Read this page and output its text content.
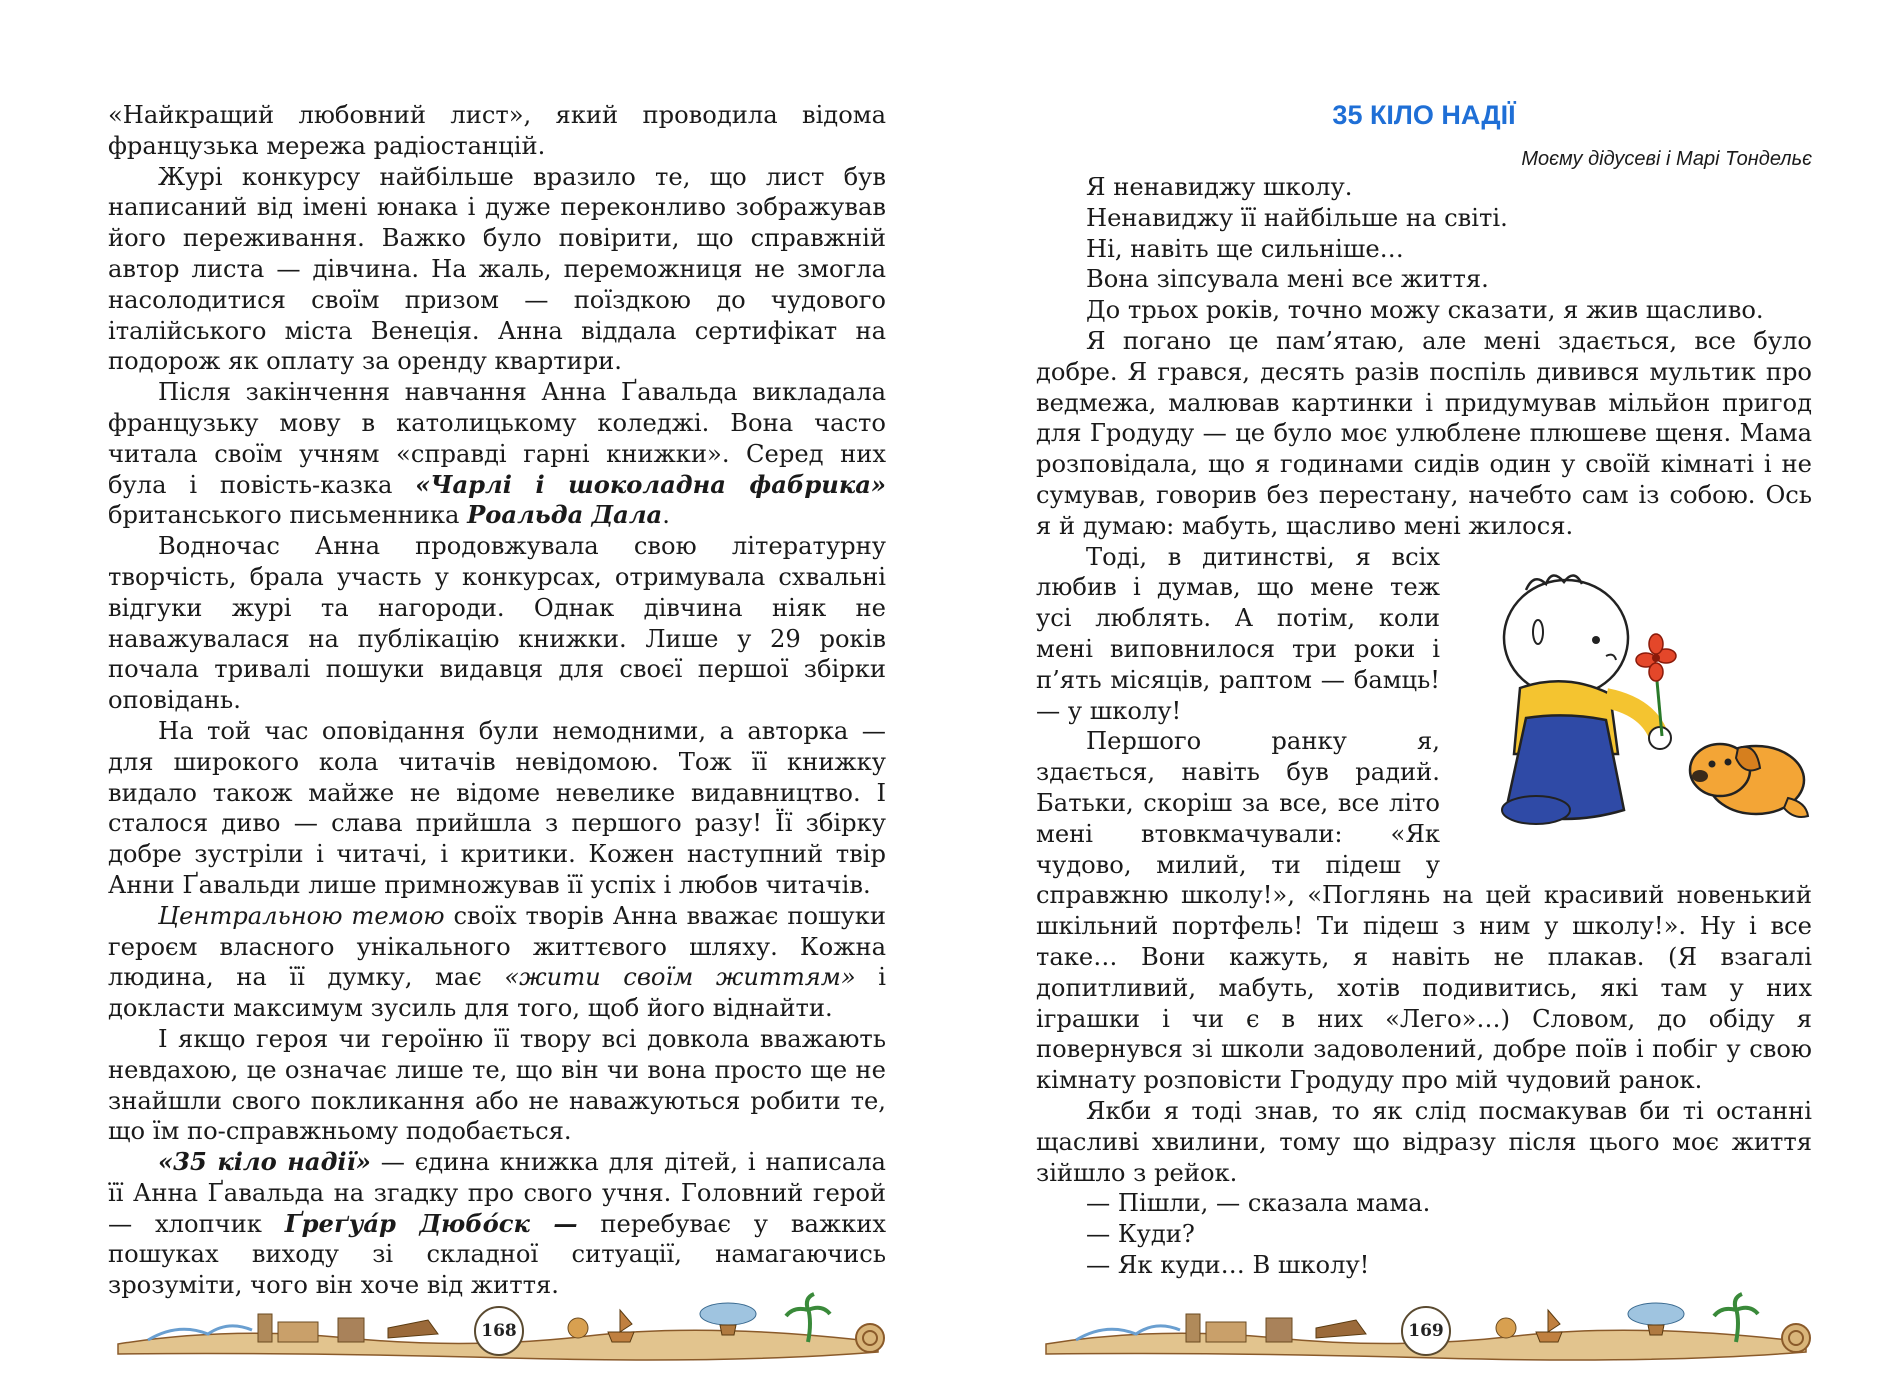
«Найкращий любовний лист», який проводила відома французька мережа радіостанцій.

Журі конкурсу найбільше вразило те, що лист був написаний від імені юнака і дуже переконливо зображував його переживання. Важко було повірити, що справжній автор листа — дівчина. На жаль, переможниця не змогла насолодитися своїм призом — поїздкою до чудового італійського міста Венеція. Анна віддала сертифікат на подорож як оплату за оренду квартири.

Після закінчення навчання Анна Ґавальда викладала французьку мову в католицькому коледжі. Вона часто читала своїм учням «справді гарні книжки». Серед них була і повість-казка «Чарлі і шоколадна фабрика» британського письменника Роальда Дала.

Водночас Анна продовжувала свою літературну творчість, брала участь у конкурсах, отримувала схвальні відгуки журі та нагороди. Однак дівчина ніяк не наважувалася на публікацію книжки. Лише у 29 років почала тривалі пошуки видавця для своєї першої збірки оповідань.

На той час оповідання були немодними, а авторка — для широкого кола читачів невідомою. Тож її книжку видало також майже не відоме невелике видавництво. І сталося диво — слава прийшла з першого разу! Її збірку добре зустріли і читачі, і критики. Кожен наступний твір Анни Ґавальди лише примножував її успіх і любов читачів.

Центральною темою своїх творів Анна вважає пошуки героєм власного унікального життєвого шляху. Кожна людина, на її думку, має «жити своїм життям» і докласти максимум зусиль для того, щоб його віднайти.

І якщо героя чи героїню її твору всі довкола вважають невдахою, це означає лише те, що він чи вона просто ще не знайшли свого покликання або не наважуються робити те, що їм по-справжньому подобається.

«35 кіло надії» — єдина книжка для дітей, і написала її Анна Ґавальда на згадку про свого учня. Головний герой — хлопчик Ґреґуа́р Дюбо́ск — перебуває у важких пошуках виходу зі складної ситуації, намагаючись зрозуміти, чого він хоче від життя.

168
35 КІЛО НАДІЇ
Моєму дідусеві і Марі Тондельє

Я ненавиджу школу.

Ненавиджу її найбільше на світі.

Ні, навіть ще сильніше…

Вона зіпсувала мені все життя.

До трьох років, точно можу сказати, я жив щасливо.

Я погано це пам’ятаю, але мені здається, все було добре. Я грався, десять разів поспіль дивився мультик про ведмежа, малював картинки і придумував мільйон пригод для Гродуду — це було моє улюблене плюшеве щеня. Мама розповідала, що я годинами сидів один у своїй кімнаті і не сумував, говорив без перестану, начебто сам із собою. Ось я й думаю: мабуть, щасливо мені жилося.

Тоді, в дитинстві, я всіх любив і думав, що мене теж усі люблять. А потім, коли мені виповнилося три роки і п’ять місяців, раптом — бамць! — у школу!

Першого ранку я, здається, навіть був радий. Батьки, скоріш за все, все літо мені втовкмачували: «Як чудово, милий, ти підеш у справжню школу!», «Поглянь на цей красивий новенький шкільний портфель! Ти підеш з ним у школу!». Ну і все таке… Вони кажуть, я навіть не плакав. (Я взагалі допитливий, мабуть, хотів подивитись, які там у них іграшки і чи є в них «Лего»…) Словом, до обіду я повернувся зі школи задоволений, добре поїв і побіг у свою кімнату розповісти Гродуду про мій чудовий ранок.

Якби я тоді знав, то як слід посмакував би ті останні щасливі хвилини, тому що відразу після цього моє життя зійшло з рейок.

— Пішли, — сказала мама.

— Куди?

— Як куди… В школу!

169
